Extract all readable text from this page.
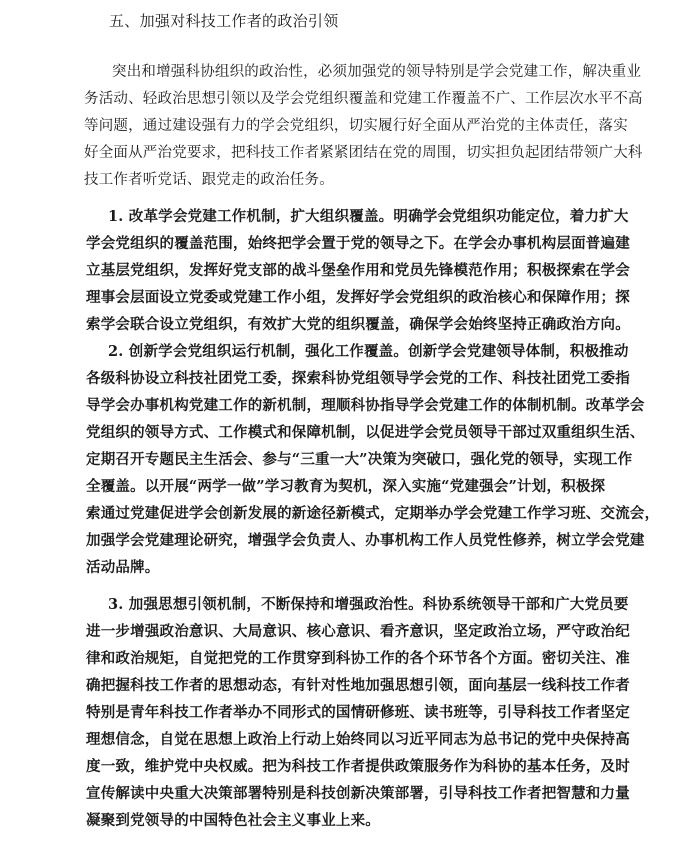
五、加强对科技工作者的政治引领
突出和增强科协组织的政治性，必须加强党的领导特别是学会党建工作，解决重业
务活动、轻政治思想引领以及学会党组织覆盖和党建工作覆盖不广、工作层次水平不高
等问题，通过建设强有力的学会党组织，切实履行好全面从严治党的主体责任，落实
好全面从严治党要求，把科技工作者紧紧团结在党的周围，切实担负起团结带领广大科
技工作者听党话、跟党走的政治任务。
1. 改革学会党建工作机制，扩大组织覆盖。明确学会党组织功能定位，着力扩大
学会党组织的覆盖范围，始终把学会置于党的领导之下。在学会办事机构层面普遍建
立基层党组织，发挥好党支部的战斗堡垒作用和党员先锋模范作用；积极探索在学会
理事会层面设立党委或党建工作小组，发挥好学会党组织的政治核心和保障作用；探
索学会联合设立党组织，有效扩大党的组织覆盖，确保学会始终坚持正确政治方向。
2. 创新学会党组织运行机制，强化工作覆盖。创新学会党建领导体制，积极推动
各级科协设立科技社团党工委，探索科协党组领导学会党的工作、科技社团党工委指
导学会办事机构党建工作的新机制，理顺科协指导学会党建工作的体制机制。改革学会
党组织的领导方式、工作模式和保障机制，以促进学会党员领导干部过双重组织生活、
定期召开专题民主生活会、参与“三重一大”决策为突破口，强化党的领导，实现工作
全覆盖。以开展“两学一做”学习教育为契机，深入实施“党建强会”计划，积极探
索通过党建促进学会创新发展的新途径新模式，定期举办学会党建工作学习班、交流会，
加强学会党建理论研究，增强学会负责人、办事机构工作人员党性修养，树立学会党建
活动品牌。
3. 加强思想引领机制，不断保持和增强政治性。科协系统领导干部和广大党员要
进一步增强政治意识、大局意识、核心意识、看齐意识，坚定政治立场，严守政治纪
律和政治规矩，自觉把党的工作贯穿到科协工作的各个环节各个方面。密切关注、准
确把握科技工作者的思想动态，有针对性地加强思想引领，面向基层一线科技工作者
特别是青年科技工作者举办不同形式的国情研修班、读书班等，引导科技工作者坚定
理想信念，自觉在思想上政治上行动上始终同以习近平同志为总书记的党中央保持高
度一致，维护党中央权威。把为科技工作者提供政策服务作为科协的基本任务，及时
宣传解读中央重大决策部署特别是科技创新决策部署，引导科技工作者把智慧和力量
凝聚到党领导的中国特色社会主义事业上来。
